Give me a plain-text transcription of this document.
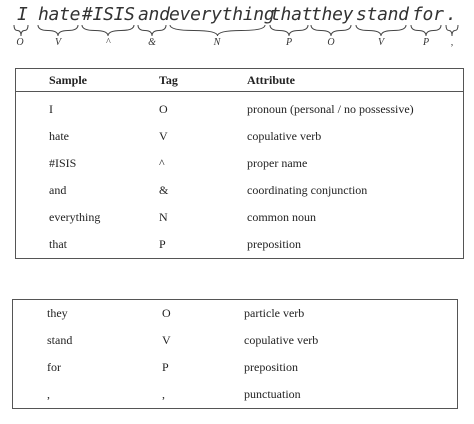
I hate #ISIS and everything
that
they stand for .
O	V	^	&	N	P	O	V	P	,
Sample	Tag	Attribute
I	O	pronoun (personal / no possessive)
hate	V	copulative verb
#ISIS	^	proper name
and	&	coordinating conjunction
everything	N	common noun
that	P	preposition
they	O	particle verb
stand	V	copulative verb
for	P	preposition
,	,	punctuation
